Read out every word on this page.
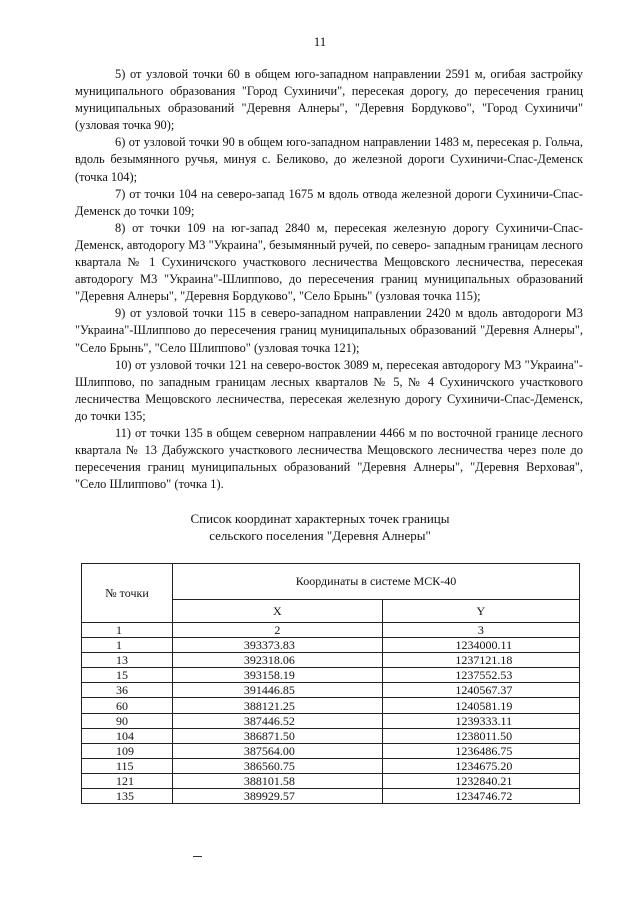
11

5) от узловой точки 60 в общем юго-западном направлении 2591 м, огибая застройку муниципального образования "Город Сухиничи", пересекая дорогу, до пересечения границ муниципальных образований "Деревня Алнеры", "Деревня Бордуково", "Город Сухиничи" (узловая точка 90);

6) от узловой точки 90 в общем юго-западном направлении 1483 м, пересекая р. Гольча, вдоль безымянного ручья, минуя с. Беликово, до железной дороги Сухиничи-Спас-Деменск (точка 104);

7) от точки 104 на северо-запад 1675 м вдоль отвода железной дороги Сухиничи-Спас-Деменск до точки 109;

8) от точки 109 на юг-запад 2840 м, пересекая железную дорогу Сухиничи-Спас-Деменск, автодорогу М3 "Украина", безымянный ручей, по северо- западным границам лесного квартала № 1 Сухиничского участкового лесничества Мещовского лесничества, пересекая автодорогу М3 "Украина"-Шлиппово, до пересечения границ муниципальных образований "Деревня Алнеры", "Деревня Бордуково", "Село Брынь" (узловая точка 115);

9) от узловой точки 115 в северо-западном направлении 2420 м вдоль автодороги М3 "Украина"-Шлиппово до пересечения границ муниципальных образований "Деревня Алнеры", "Село Брынь", "Село Шлиппово" (узловая точка 121);

10) от узловой точки 121 на северо-восток 3089 м, пересекая автодорогу М3 "Украина"-Шлиппово, по западным границам лесных кварталов № 5, № 4 Сухиничского участкового лесничества Мещовского лесничества, пересекая железную дорогу Сухиничи-Спас-Деменск, до точки 135;

11) от точки 135 в общем северном направлении 4466 м по восточной границе лесного квартала № 13 Дабужского участкового лесничества Мещовского лесничества через поле до пересечения границ муниципальных образований "Деревня Алнеры", "Деревня Верховая", "Село Шлиппово" (точка 1).

Список координат характерных точек границы
сельского поселения "Деревня Алнеры"
№ точки	Координаты в системе МСК-40	
	X	Y
1	2	3
1	393373.83	1234000.11
13	392318.06	1237121.18
15	393158.19	1237552.53
36	391446.85	1240567.37
60	388121.25	1240581.19
90	387446.52	1239333.11
104	386871.50	1238011.50
109	387564.00	1236486.75
115	386560.75	1234675.20
121	388101.58	1232840.21
135	389929.57	1234746.72
